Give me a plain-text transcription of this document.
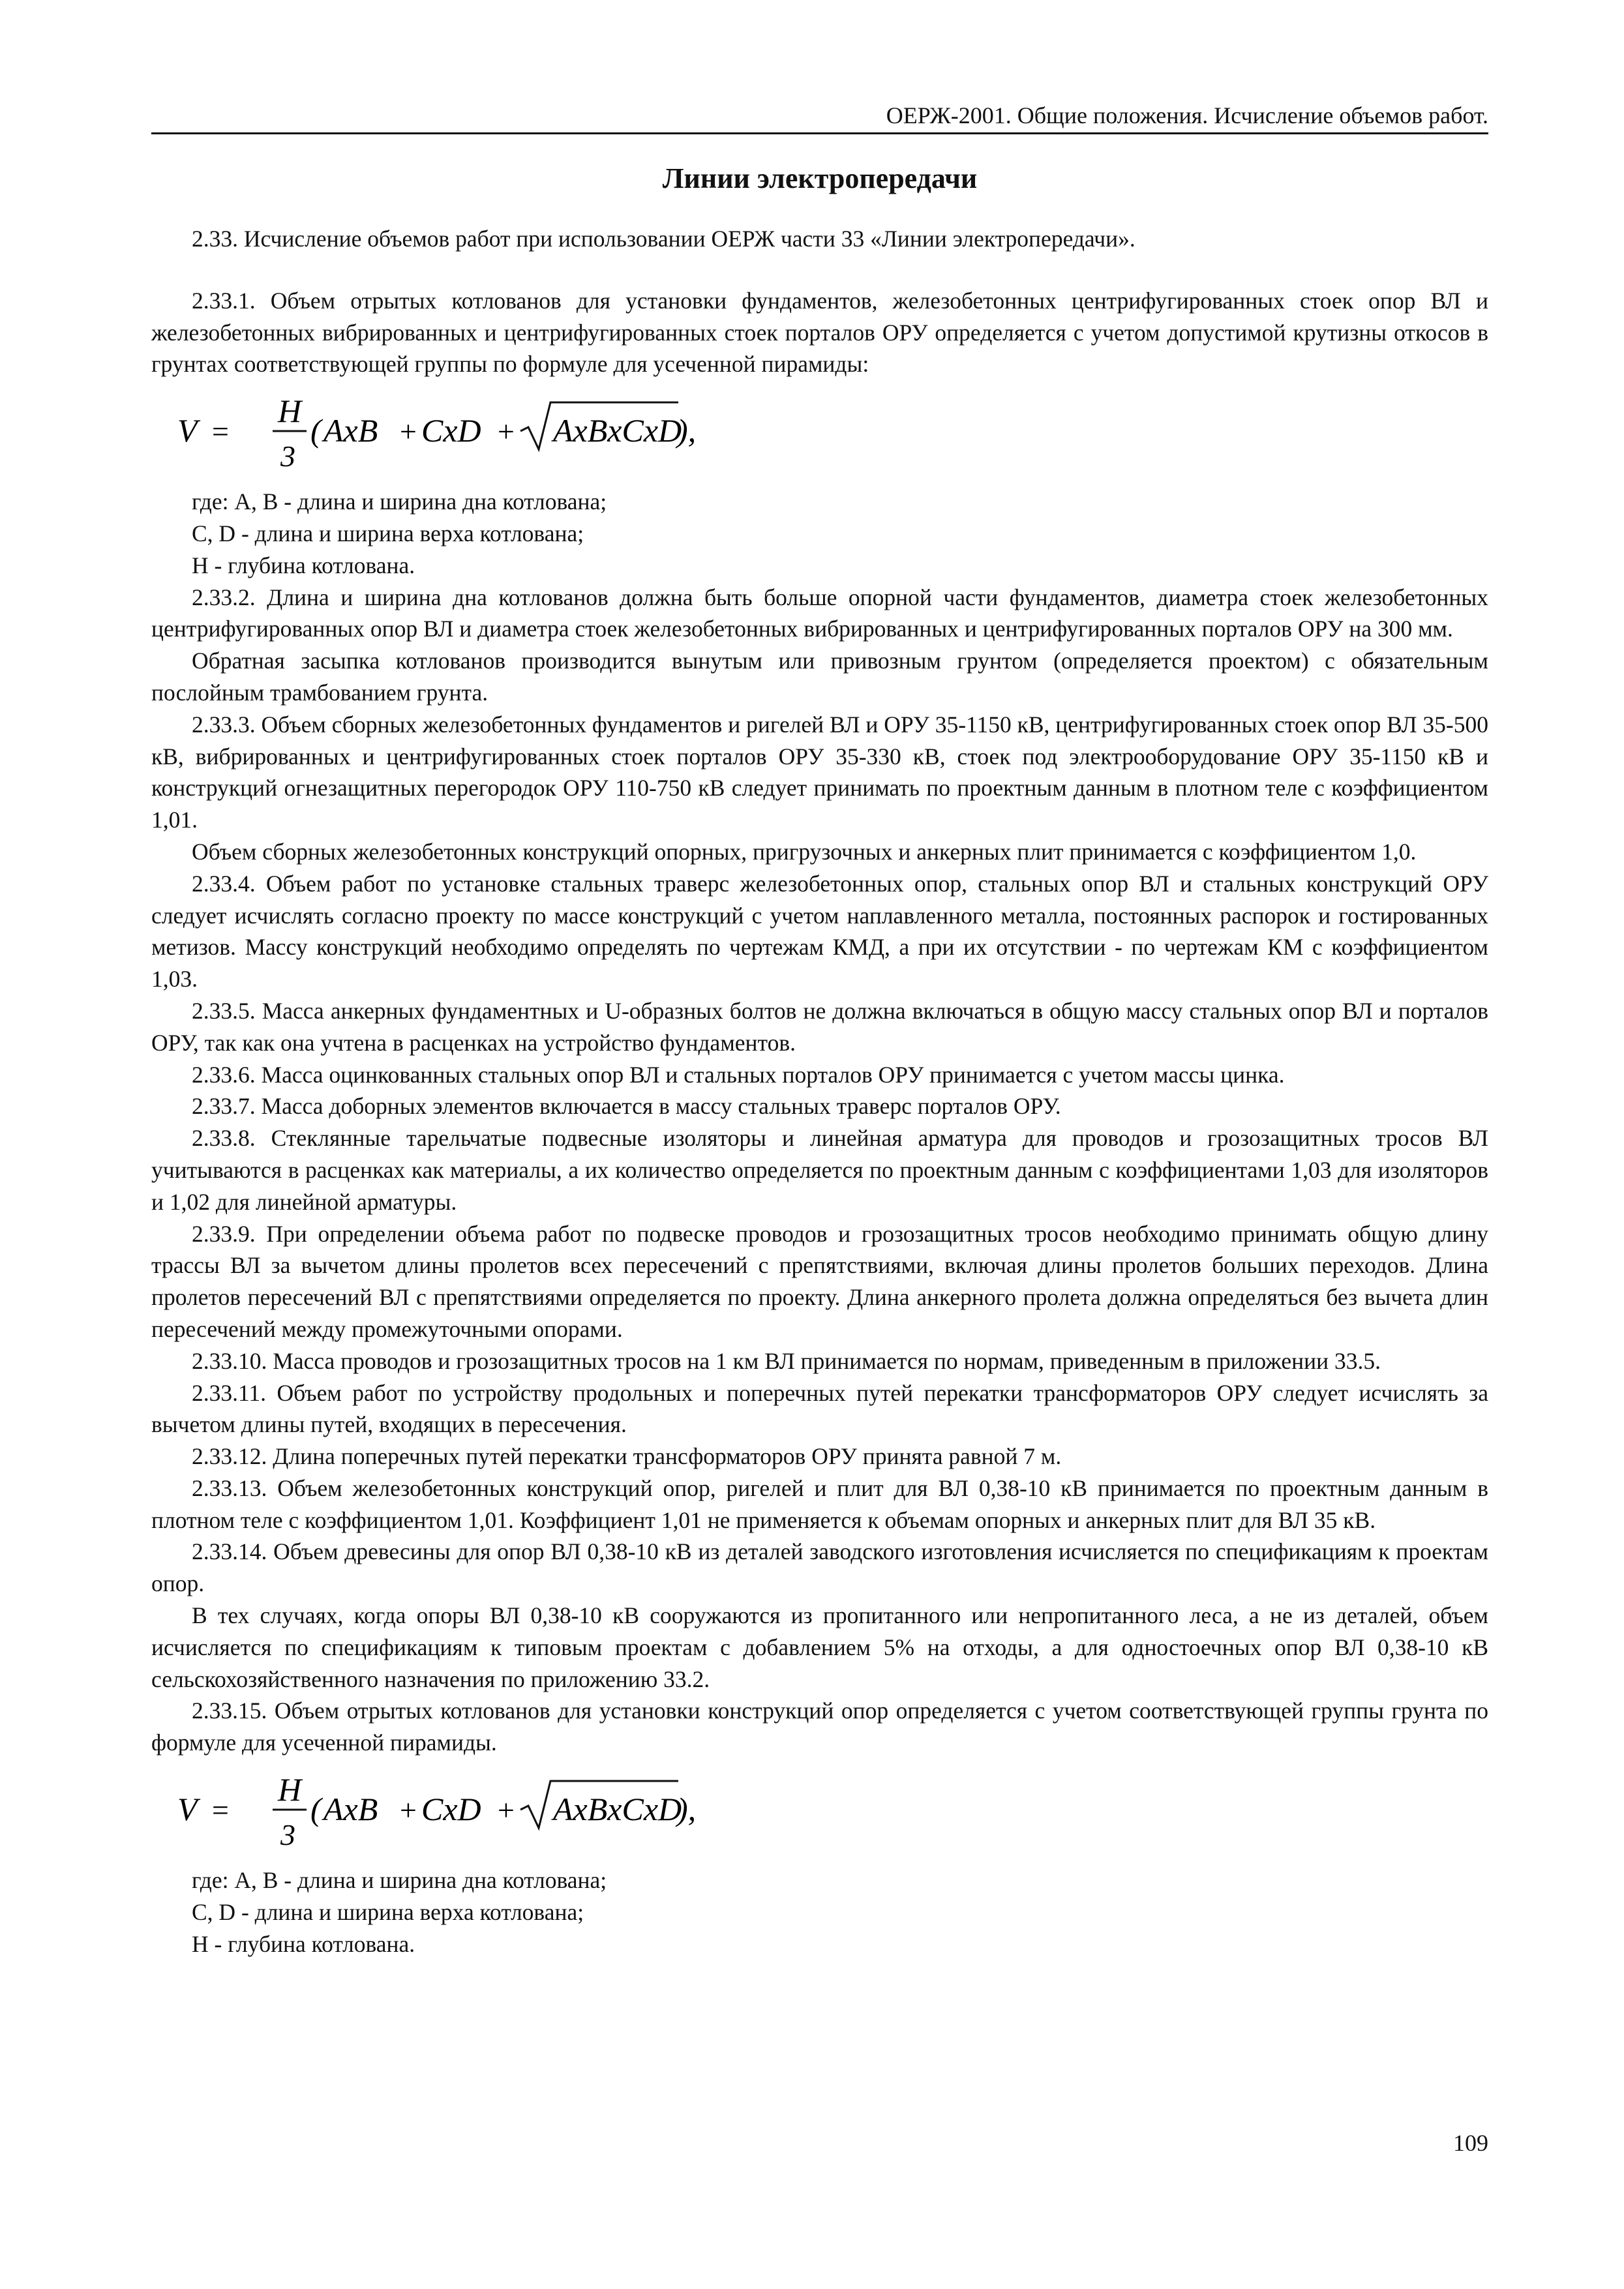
ОЕРЖ-2001. Общие положения. Исчисление объемов работ.
Линии электропередачи

2.33. Исчисление объемов работ при использовании ОЕРЖ части 33 «Линии электропередачи».

2.33.1. Объем отрытых котлованов для установки фундаментов, железобетонных центрифугированных стоек опор ВЛ и железобетонных вибрированных и центрифугированных стоек порталов ОРУ определяется с учетом допустимой крутизны откосов в грунтах соответствующей группы по формуле для усеченной пирамиды:

V =
H
3
( AxB + CxD + AxBxCxD
),

где: A, B - длина и ширина дна котлована;

C, D - длина и ширина верха котлована;

H - глубина котлована.

2.33.2. Длина и ширина дна котлованов должна быть больше опорной части фундаментов, диаметра стоек железобетонных центрифугированных опор ВЛ и диаметра стоек железобетонных вибрированных и центрифугированных порталов ОРУ на 300 мм.

Обратная засыпка котлованов производится вынутым или привозным грунтом (определяется проектом) с обязательным послойным трамбованием грунта.

2.33.3. Объем сборных железобетонных фундаментов и ригелей ВЛ и ОРУ 35-1150 кВ, центрифугированных стоек опор ВЛ 35-500 кВ, вибрированных и центрифугированных стоек порталов ОРУ 35-330 кВ, стоек под электрооборудование ОРУ 35-1150 кВ и конструкций огнезащитных перегородок ОРУ 110-750 кВ следует принимать по проектным данным в плотном теле с коэффициентом 1,01.

Объем сборных железобетонных конструкций опорных, пригрузочных и анкерных плит принимается с коэффициентом 1,0.

2.33.4. Объем работ по установке стальных траверс железобетонных опор, стальных опор ВЛ и стальных конструкций ОРУ следует исчислять согласно проекту по массе конструкций с учетом наплавленного металла, постоянных распорок и гостированных метизов. Массу конструкций необходимо определять по чертежам КМД, а при их отсутствии - по чертежам КМ с коэффициентом 1,03.

2.33.5. Масса анкерных фундаментных и U-образных болтов не должна включаться в общую массу стальных опор ВЛ и порталов ОРУ, так как она учтена в расценках на устройство фундаментов.

2.33.6. Масса оцинкованных стальных опор ВЛ и стальных порталов ОРУ принимается с учетом массы цинка.

2.33.7. Масса доборных элементов включается в массу стальных траверс порталов ОРУ.

2.33.8. Стеклянные тарельчатые подвесные изоляторы и линейная арматура для проводов и грозозащитных тросов ВЛ учитываются в расценках как материалы, а их количество определяется по проектным данным с коэффициентами 1,03 для изоляторов и 1,02 для линейной арматуры.

2.33.9. При определении объема работ по подвеске проводов и грозозащитных тросов необходимо принимать общую длину трассы ВЛ за вычетом длины пролетов всех пересечений с препятствиями, включая длины пролетов больших переходов. Длина пролетов пересечений ВЛ с препятствиями определяется по проекту. Длина анкерного пролета должна определяться без вычета длин пересечений между промежуточными опорами.

2.33.10. Масса проводов и грозозащитных тросов на 1 км ВЛ принимается по нормам, приведенным в приложении 33.5.

2.33.11. Объем работ по устройству продольных и поперечных путей перекатки трансформаторов ОРУ следует исчислять за вычетом длины путей, входящих в пересечения.

2.33.12. Длина поперечных путей перекатки трансформаторов ОРУ принята равной 7 м.

2.33.13. Объем железобетонных конструкций опор, ригелей и плит для ВЛ 0,38-10 кВ принимается по проектным данным в плотном теле с коэффициентом 1,01. Коэффициент 1,01 не применяется к объемам опорных и анкерных плит для ВЛ 35 кВ.

2.33.14. Объем древесины для опор ВЛ 0,38-10 кВ из деталей заводского изготовления исчисляется по спецификациям к проектам опор.

В тех случаях, когда опоры ВЛ 0,38-10 кВ сооружаются из пропитанного или непропитанного леса, а не из деталей, объем исчисляется по спецификациям к типовым проектам с добавлением 5% на отходы, а для одностоечных опор ВЛ 0,38-10 кВ сельскохозяйственного назначения по приложению 33.2.

2.33.15. Объем отрытых котлованов для установки конструкций опор определяется с учетом соответствующей группы грунта по формуле для усеченной пирамиды.

V =
H
3
( AxB + CxD + AxBxCxD
),

где: A, B - длина и ширина дна котлована;

C, D - длина и ширина верха котлована;

H - глубина котлована.

109
